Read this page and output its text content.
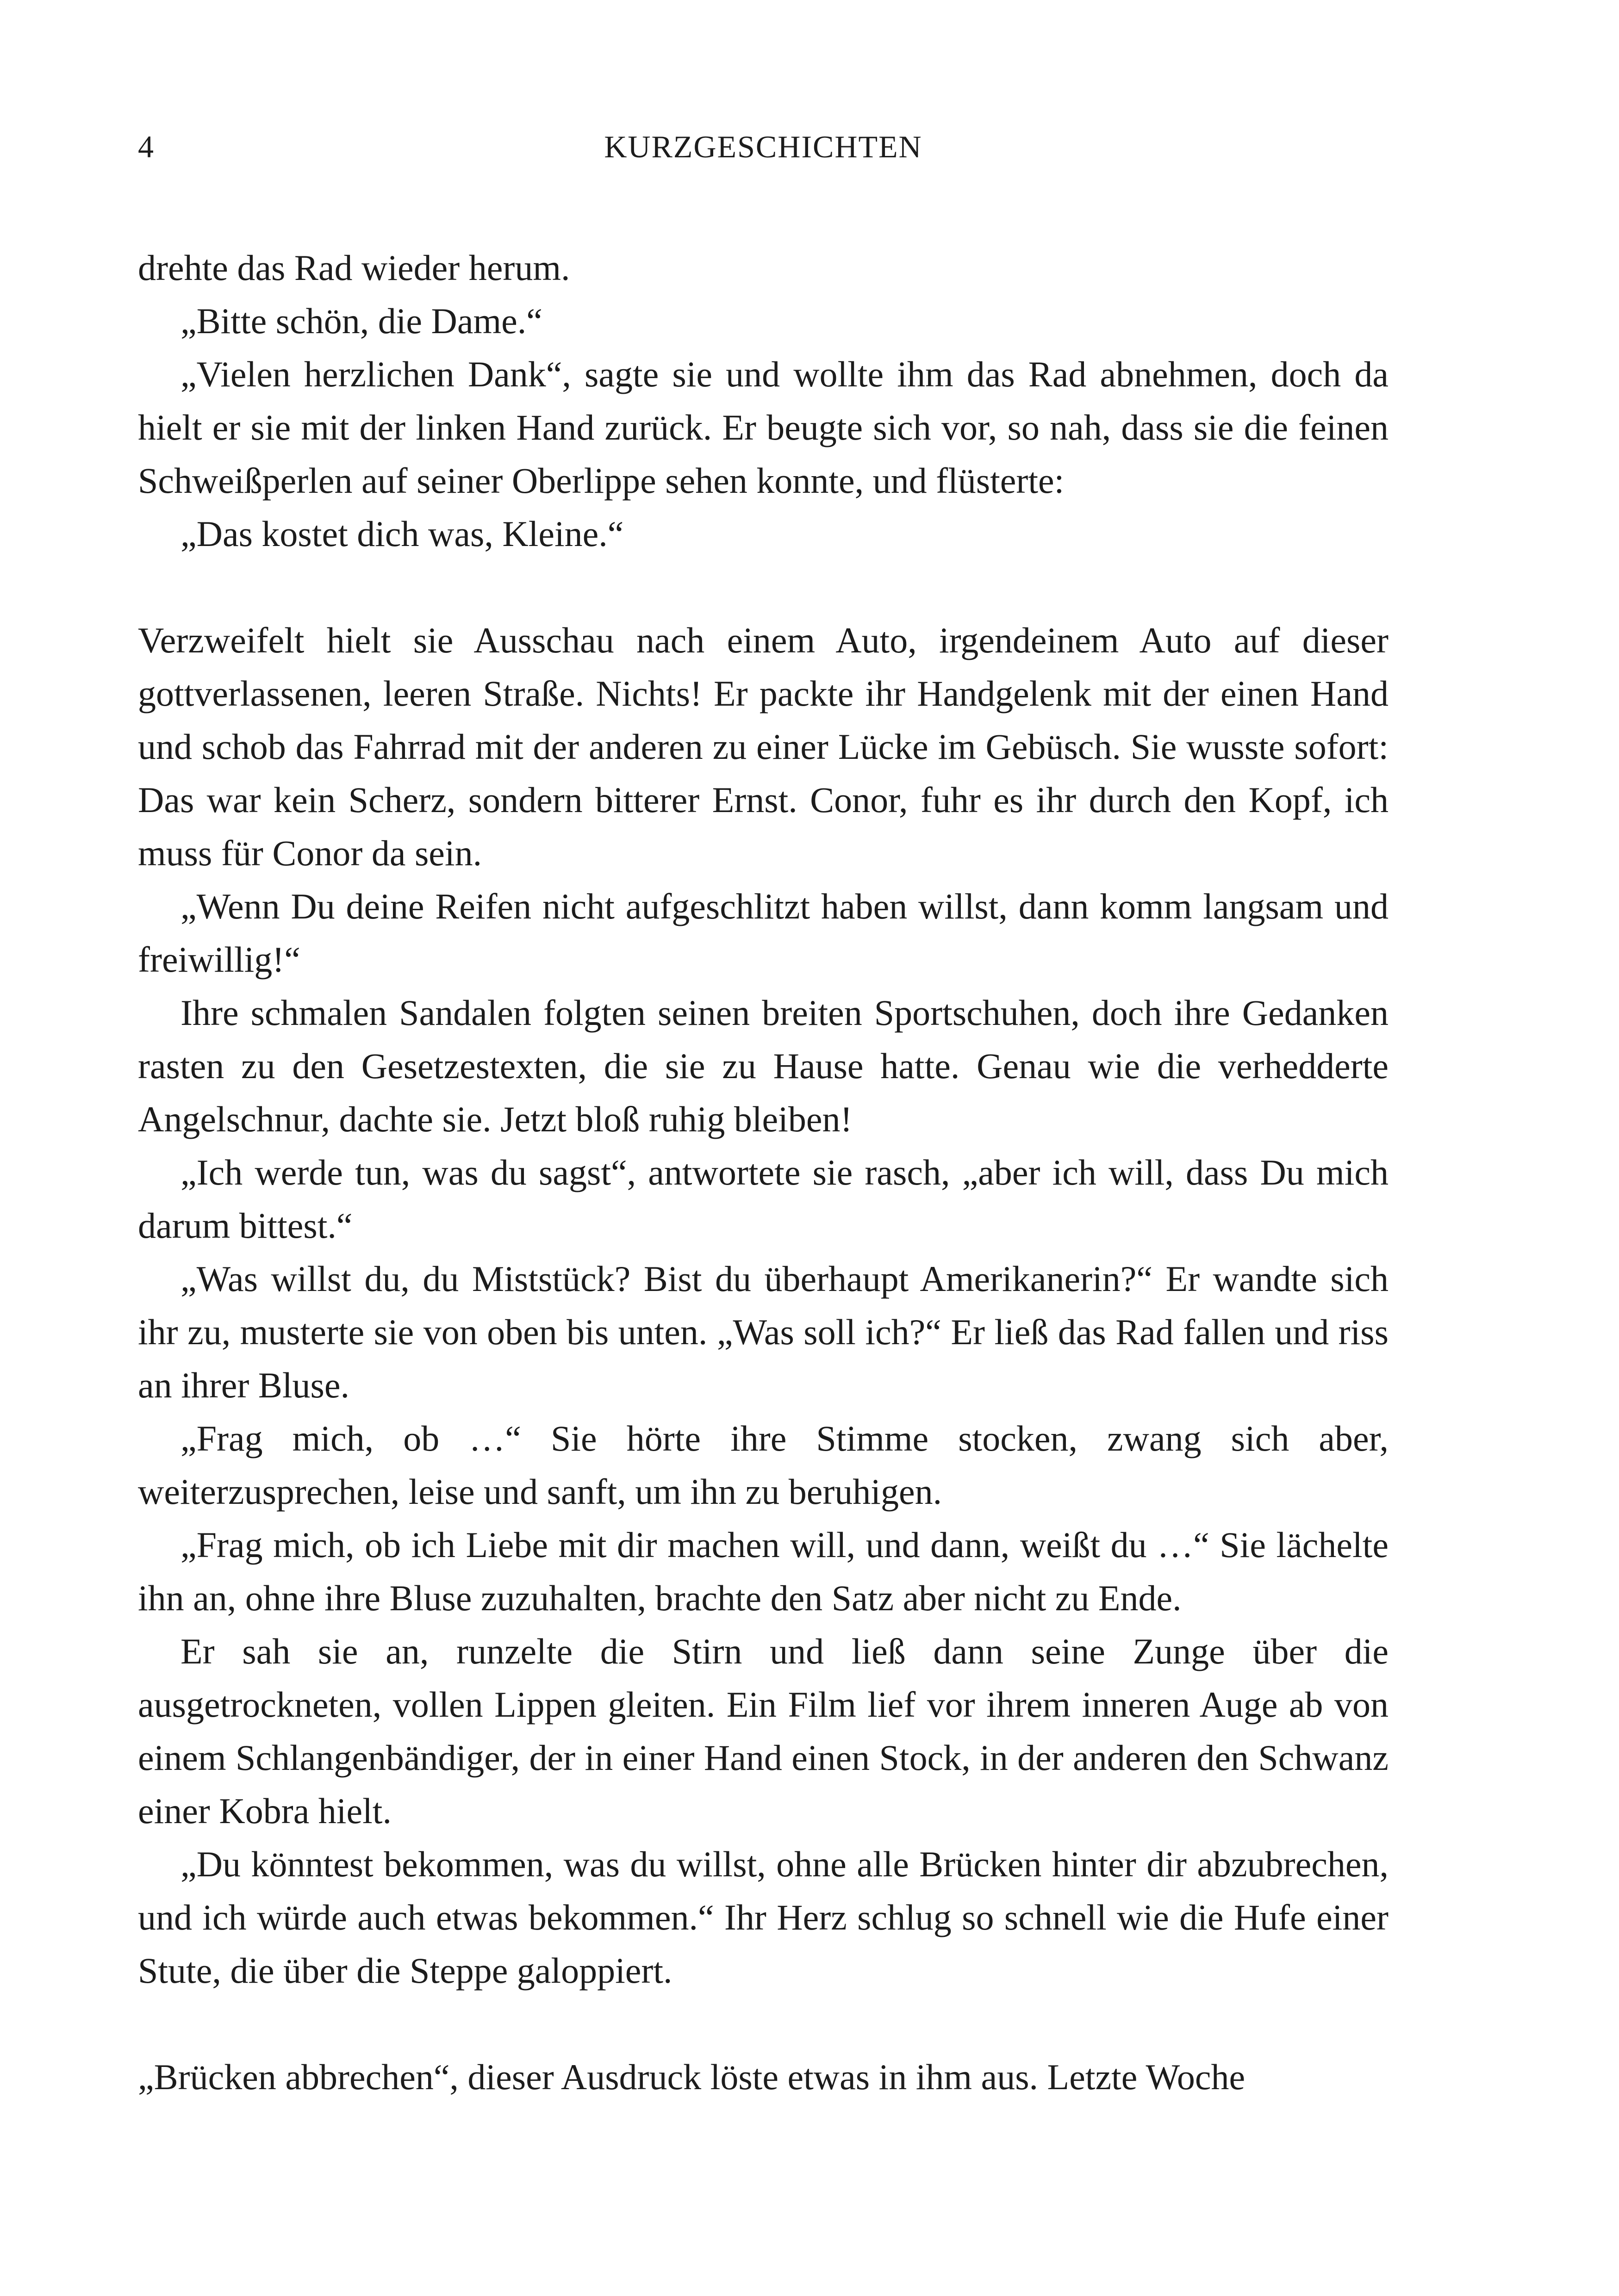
4	KURZGESCHICHTEN

drehte das Rad wieder herum.

„Bitte schön, die Dame.“

„Vielen herzlichen Dank“, sagte sie und wollte ihm das Rad abnehmen, doch da hielt er sie mit der linken Hand zurück. Er beugte sich vor, so nah, dass sie die feinen Schweißperlen auf seiner Oberlippe sehen konnte, und flüsterte:

„Das kostet dich was, Kleine.“

Verzweifelt hielt sie Ausschau nach einem Auto, irgendeinem Auto auf dieser gottverlassenen, leeren Straße. Nichts! Er packte ihr Handgelenk mit der einen Hand und schob das Fahrrad mit der anderen zu einer Lücke im Gebüsch. Sie wusste sofort: Das war kein Scherz, sondern bitterer Ernst. Conor, fuhr es ihr durch den Kopf, ich muss für Conor da sein.

„Wenn Du deine Reifen nicht aufgeschlitzt haben willst, dann komm langsam und freiwillig!“

Ihre schmalen Sandalen folgten seinen breiten Sportschuhen, doch ihre Gedanken rasten zu den Gesetzestexten, die sie zu Hause hatte. Genau wie die verhedderte Angelschnur, dachte sie. Jetzt bloß ruhig bleiben!

„Ich werde tun, was du sagst“, antwortete sie rasch, „aber ich will, dass Du mich darum bittest.“

„Was willst du, du Miststück? Bist du überhaupt Amerikanerin?“ Er wandte sich ihr zu, musterte sie von oben bis unten. „Was soll ich?“ Er ließ das Rad fallen und riss an ihrer Bluse.

„Frag mich, ob …“ Sie hörte ihre Stimme stocken, zwang sich aber, weiterzusprechen, leise und sanft, um ihn zu beruhigen.

„Frag mich, ob ich Liebe mit dir machen will, und dann, weißt du …“ Sie lächelte ihn an, ohne ihre Bluse zuzuhalten, brachte den Satz aber nicht zu Ende.

Er sah sie an, runzelte die Stirn und ließ dann seine Zunge über die ausgetrockneten, vollen Lippen gleiten. Ein Film lief vor ihrem inneren Auge ab von einem Schlangenbändiger, der in einer Hand einen Stock, in der anderen den Schwanz einer Kobra hielt.

„Du könntest bekommen, was du willst, ohne alle Brücken hinter dir abzubrechen, und ich würde auch etwas bekommen.“ Ihr Herz schlug so schnell wie die Hufe einer Stute, die über die Steppe galoppiert.

„Brücken abbrechen“, dieser Ausdruck löste etwas in ihm aus. Letzte Woche
